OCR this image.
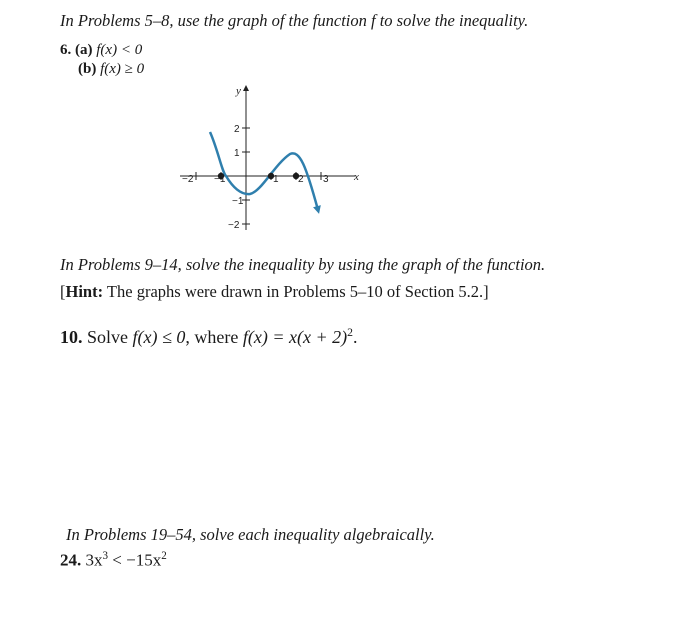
In Problems 5–8, use the graph of the function f to solve the inequality.
6. (a) f(x) < 0
(b) f(x) ≥ 0
y
x
−2 −1	1 2 3
2
1
−1
−2
In Problems 9–14, solve the inequality by using the graph of the function.
[Hint: The graphs were drawn in Problems 5–10 of Section 5.2.]
10. Solve f(x) ≤ 0, where $f(x) = x(x + 2)^2$.
In Problems 19–54, solve each inequality algebraically.
24. $3x^3 < -15x^2$
